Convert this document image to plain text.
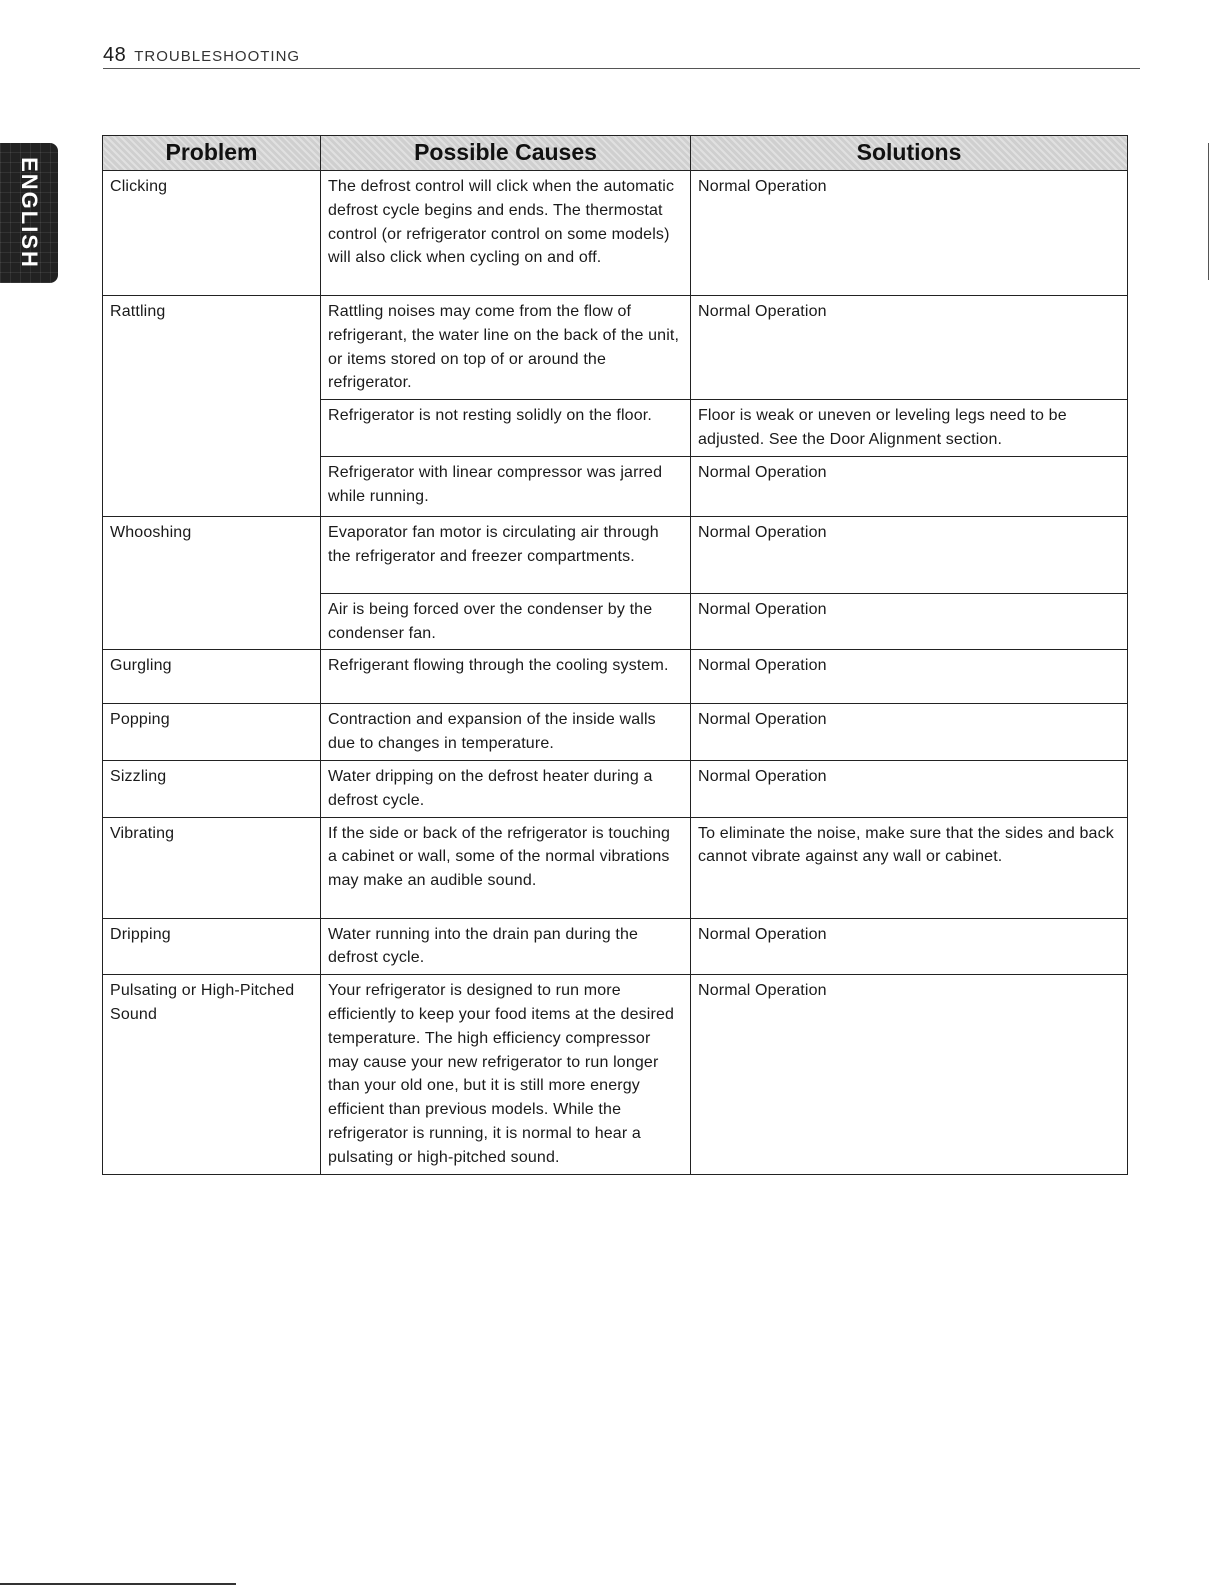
48 TROUBLESHOOTING
ENGLISH
Problem	Possible Causes	Solutions
Clicking	The defrost control will click when the automatic defrost cycle begins and ends. The thermostat control (or refrigerator control on some models) will also click when cycling on and off.	Normal Operation
Rattling	Rattling noises may come from the flow of refrigerant, the water line on the back of the unit, or items stored on top of or around the refrigerator.	Normal Operation
	Refrigerator is not resting solidly on the floor.	Floor is weak or uneven or leveling legs need to be adjusted. See the Door Alignment section.
	Refrigerator with linear compressor was jarred while running.	Normal Operation
Whooshing	Evaporator fan motor is circulating air through the refrigerator and freezer compartments.	Normal Operation
	Air is being forced over the condenser by the condenser fan.	Normal Operation
Gurgling	Refrigerant flowing through the cooling system.	Normal Operation
Popping	Contraction and expansion of the inside walls due to changes in temperature.	Normal Operation
Sizzling	Water dripping on the defrost heater during a defrost cycle.	Normal Operation
Vibrating	If the side or back of the refrigerator is touching a cabinet or wall, some of the normal vibrations may make an audible sound.	To eliminate the noise, make sure that the sides and back cannot vibrate against any wall or cabinet.
Dripping	Water running into the drain pan during the defrost cycle.	Normal Operation
Pulsating or High-Pitched Sound	Your refrigerator is designed to run more efficiently to keep your food items at the desired temperature. The high efficiency compressor may cause your new refrigerator to run longer than your old one, but it is still more energy efficient than previous models. While the refrigerator is running, it is normal to hear a pulsating or high-pitched sound.	Normal Operation
